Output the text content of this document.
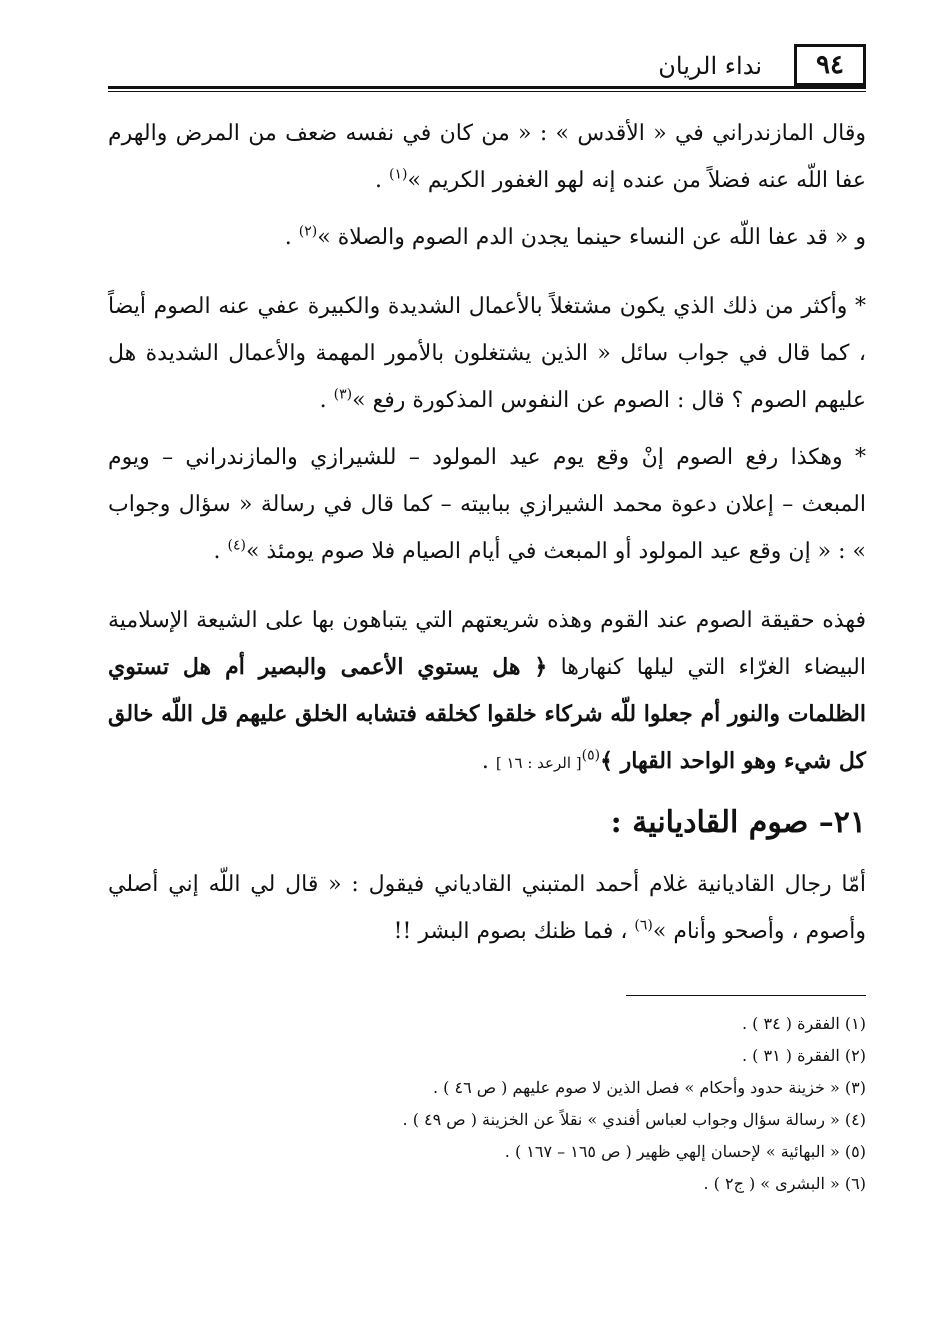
٩٤
نداء الريان

وقال المازندراني في « الأقدس » : « من كان في نفسه ضعف من المرض والهرم عفا اللّه عنه فضلاً من عنده إنه لهو الغفور الكريم »$^{(١)}$ .

و « قد عفا اللّه عن النساء حينما يجدن الدم الصوم والصلاة »$^{(٢)}$ .

* وأكثر من ذلك الذي يكون مشتغلاً بالأعمال الشديدة والكبيرة عفي عنه الصوم أيضاً ، كما قال في جواب سائل « الذين يشتغلون بالأمور المهمة والأعمال الشديدة هل عليهم الصوم ؟ قال : الصوم عن النفوس المذكورة رفع »$^{(٣)}$ .

* وهكذا رفع الصوم إنْ وقع يوم عيد المولود – للشيرازي والمازندراني – ويوم المبعث – إعلان دعوة محمد الشيرازي ببابيته – كما قال في رسالة « سؤال وجواب » : « إن وقع عيد المولود أو المبعث في أيام الصيام فلا صوم يومئذ »$^{(٤)}$ .

فهذه حقيقة الصوم عند القوم وهذه شريعتهم التي يتباهون بها على الشيعة الإسلامية البيضاء الغرّاء التي ليلها كنهارها ﴿ هل يستوي الأعمى والبصير أم هل تستوي الظلمات والنور أم جعلوا للّه شركاء خلقوا كخلقه فتشابه الخلق عليهم قل اللّه خالق كل شيء وهو الواحد القهار ﴾$^{(٥)}$[ الرعد : ١٦ ] .

٢١– صوم القاديانية :

أمّا رجال القاديانية غلام أحمد المتبني القادياني فيقول : « قال لي اللّه إني أصلي وأصوم ، وأصحو وأنام »$^{(٦)}$ ، فما ظنك بصوم البشر !!

(١) الفقرة ( ٣٤ ) .

(٢) الفقرة ( ٣١ ) .

(٣) « خزينة حدود وأحكام » فصل الذين لا صوم عليهم ( ص ٤٦ ) .

(٤) « رسالة سؤال وجواب لعباس أفندي » نقلاً عن الخزينة ( ص ٤٩ ) .

(٥) « البهائية » لإحسان إلهي ظهير ( ص ١٦٥ – ١٦٧ ) .

(٦) « البشرى » ( ج٢ ) .
